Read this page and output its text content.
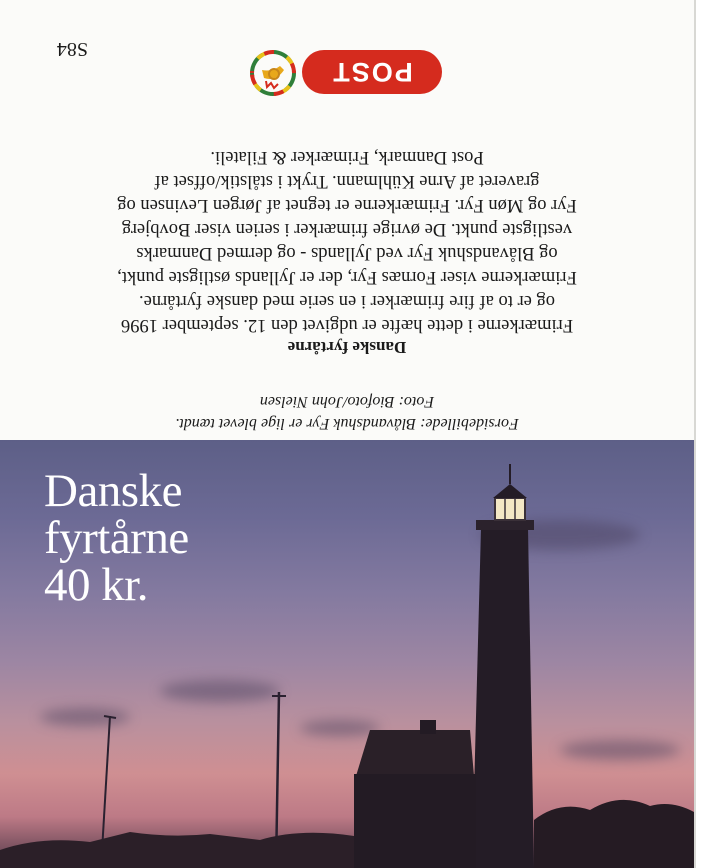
Forsidebillede: Blåvandshuk Fyr er lige blevet tændt.
Foto: Biofoto/John Nielsen
Danske fyrtårne
Frimærkerne i dette hæfte er udgivet den 12. september 1996
og er to af fire frimærker i en serie med danske fyrtårne.
Frimærkerne viser Fornæs Fyr, der er Jyllands østligste punkt,
og Blåvandshuk Fyr ved Jyllands - og dermed Danmarks
vestligste punkt. De øvrige frimærker i serien viser Bovbjerg
Fyr og Møn Fyr. Frimærkerne er tegnet af Jørgen Levinsen og
graveret af Arne Kühlmann. Trykt i stålstik/offset af
Post Danmark, Frimærker & Filateli.
POST
S84
Danske
fyrtårne
40 kr.
